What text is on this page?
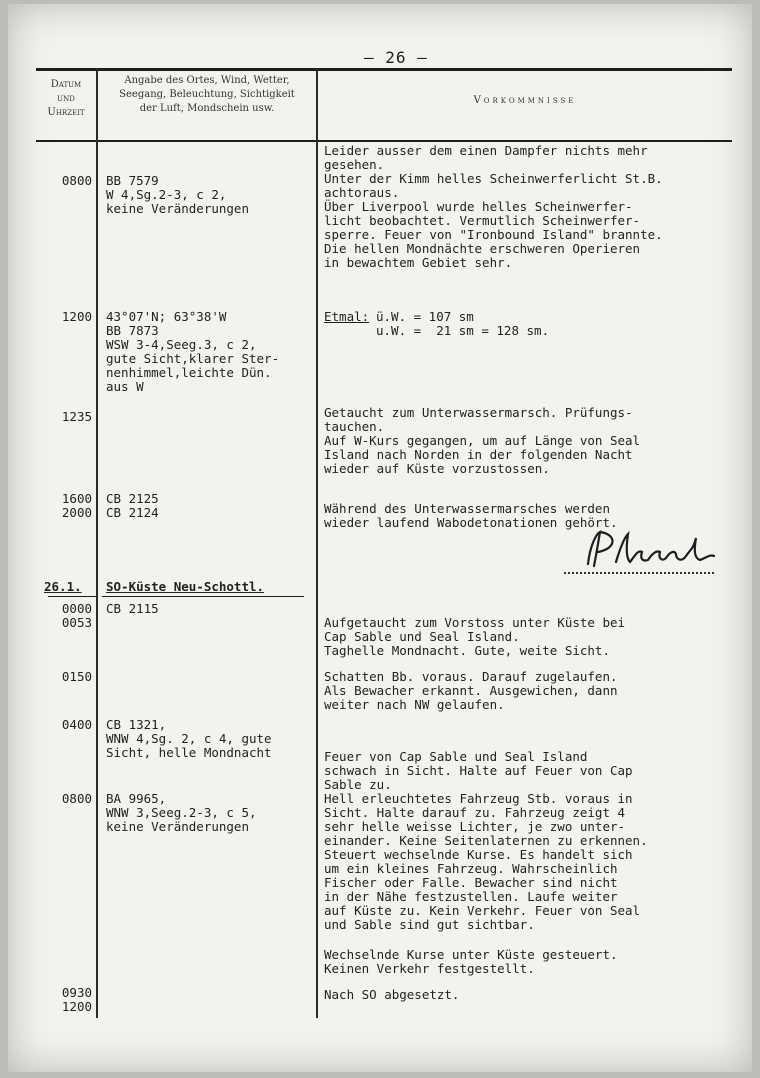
– 26 –
Datum
und
Uhrzeit
Angabe des Ortes, Wind, Wetter,
Seegang, Beleuchtung, Sichtigkeit
der Luft, Mondschein usw.
Vorkommnisse
0800
1200
1235
1600
2000
26.1.
0000
0053
0150
0400
0800
0930
1200
BB 7579
W 4,Sg.2-3, c 2,
keine Veränderungen
43°07'N; 63°38'W
BB 7873
WSW 3-4,Seeg.3, c 2,
gute Sicht,klarer Ster-
nenhimmel,leichte Dün.
aus W
CB 2125
CB 2124
SO-Küste Neu-Schottl.
CB 2115
CB 1321,
WNW 4,Sg. 2, c 4, gute
Sicht, helle Mondnacht
BA 9965,
WNW 3,Seeg.2-3, c 5,
keine Veränderungen
Leider ausser dem einen Dampfer nichts mehr
gesehen.
Unter der Kimm helles Scheinwerferlicht St.B.
achtoraus.
Über Liverpool wurde helles Scheinwerfer-
licht beobachtet. Vermutlich Scheinwerfer-
sperre. Feuer von "Ironbound Island" brannte.
Die hellen Mondnächte erschweren Operieren
in bewachtem Gebiet sehr.
Etmal: ü.W. = 107 sm
u.W. =  21 sm = 128 sm.
Getaucht zum Unterwassermarsch. Prüfungs-
tauchen.
Auf W-Kurs gegangen, um auf Länge von Seal
Island nach Norden in der folgenden Nacht
wieder auf Küste vorzustossen.
Während des Unterwassermarsches werden
wieder laufend Wabodetonationen gehört.
Aufgetaucht zum Vorstoss unter Küste bei
Cap Sable und Seal Island.
Taghelle Mondnacht. Gute, weite Sicht.
Schatten Bb. voraus. Darauf zugelaufen.
Als Bewacher erkannt. Ausgewichen, dann
weiter nach NW gelaufen.
Feuer von Cap Sable und Seal Island
schwach in Sicht. Halte auf Feuer von Cap
Sable zu.
Hell erleuchtetes Fahrzeug Stb. voraus in
Sicht. Halte darauf zu. Fahrzeug zeigt 4
sehr helle weisse Lichter, je zwo unter-
einander. Keine Seitenlaternen zu erkennen.
Steuert wechselnde Kurse. Es handelt sich
um ein kleines Fahrzeug. Wahrscheinlich
Fischer oder Falle. Bewacher sind nicht
in der Nähe festzustellen. Laufe weiter
auf Küste zu. Kein Verkehr. Feuer von Seal
und Sable sind gut sichtbar.
Wechselnde Kurse unter Küste gesteuert.
Keinen Verkehr festgestellt.
Nach SO abgesetzt.
